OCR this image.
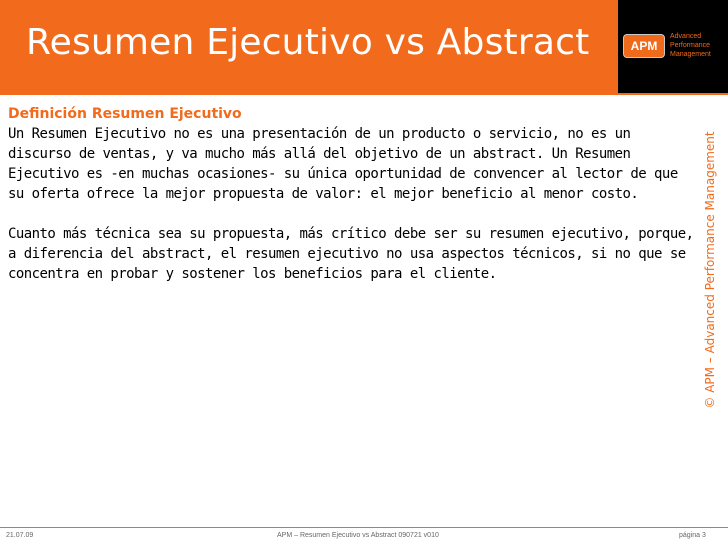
Resumen Ejecutivo vs Abstract	APM
Advanced
Performance
Management
Definición Resumen Ejecutivo

Un Resumen Ejecutivo no es una presentación de un producto o servicio, no es un discurso de ventas, y va mucho más allá del objetivo de un abstract. Un Resumen Ejecutivo es -en muchas ocasiones- su única oportunidad de convencer al lector de que su oferta ofrece la mejor propuesta de valor: el mejor beneficio al menor costo.

Cuanto más técnica sea su propuesta, más crítico debe ser su resumen ejecutivo, porque, a diferencia del abstract, el resumen ejecutivo no usa aspectos técnicos, si no que se concentra en probar y sostener los beneficios para el cliente.	© APM – Advanced Performance Management
21.07.09	APM – Resumen Ejecutivo vs Abstract 090721 v010	página 3
